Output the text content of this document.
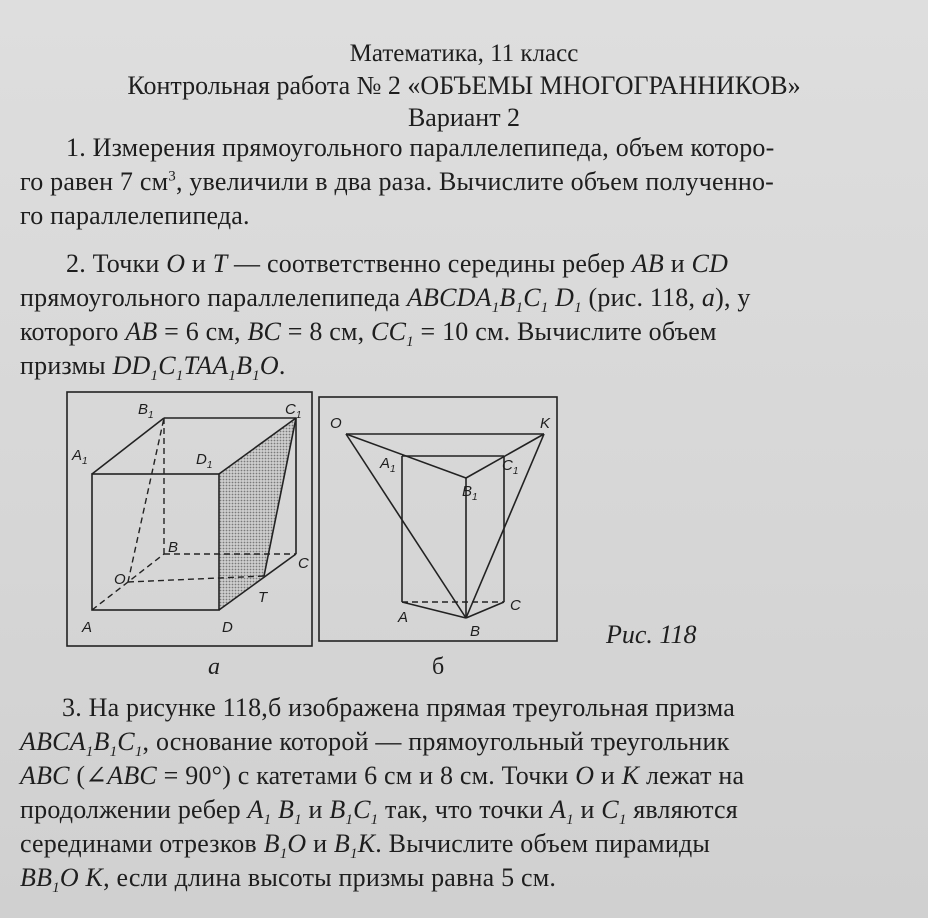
Математика, 11 класс
Контрольная работа № 2 «ОБЪЕМЫ МНОГОГРАННИКОВ»
Вариант 2
1. Измерения прямоугольного параллелепипеда, объем которо-
го равен 7 $см^3$, увеличили в два раза. Вычислите объем полученно-
го параллелепипеда.
2. Точки O и T — соответственно середины ребер AB и CD
прямоугольного параллелепипеда $ABCDA_1B_1C_1$ $D_1$ (рис. 118, a), у
которого AB = 6 см, BC = 8 см, $CC_1 = 10$ см. Вычислите объем
призмы $DD_1C_1TAA_1B_1O$.
$B_1$	$C_1$
$A_1$	$D_1$
B
O
C
T
A	D
O	K
$A_1$	$C_1$
$B_1$
A
C
B	Рис. 118
а	б
3. На рисунке 118,б изображена прямая треугольная призма
$ABCA_1B_1C_1$, основание которой — прямоугольный треугольник
ABC (∠ABC = 90°) с катетами 6 см и 8 см. Точки O и K лежат на
продолжении ребер $A_1$ $B_1$ и $B_1C_1$ так, что точки $A_1$ и $C_1$ являются
серединами отрезков $B_1O$ и $B_1K$. Вычислите объем пирамиды
$BB_1O$ K, если длина высоты призмы равна 5 см.
